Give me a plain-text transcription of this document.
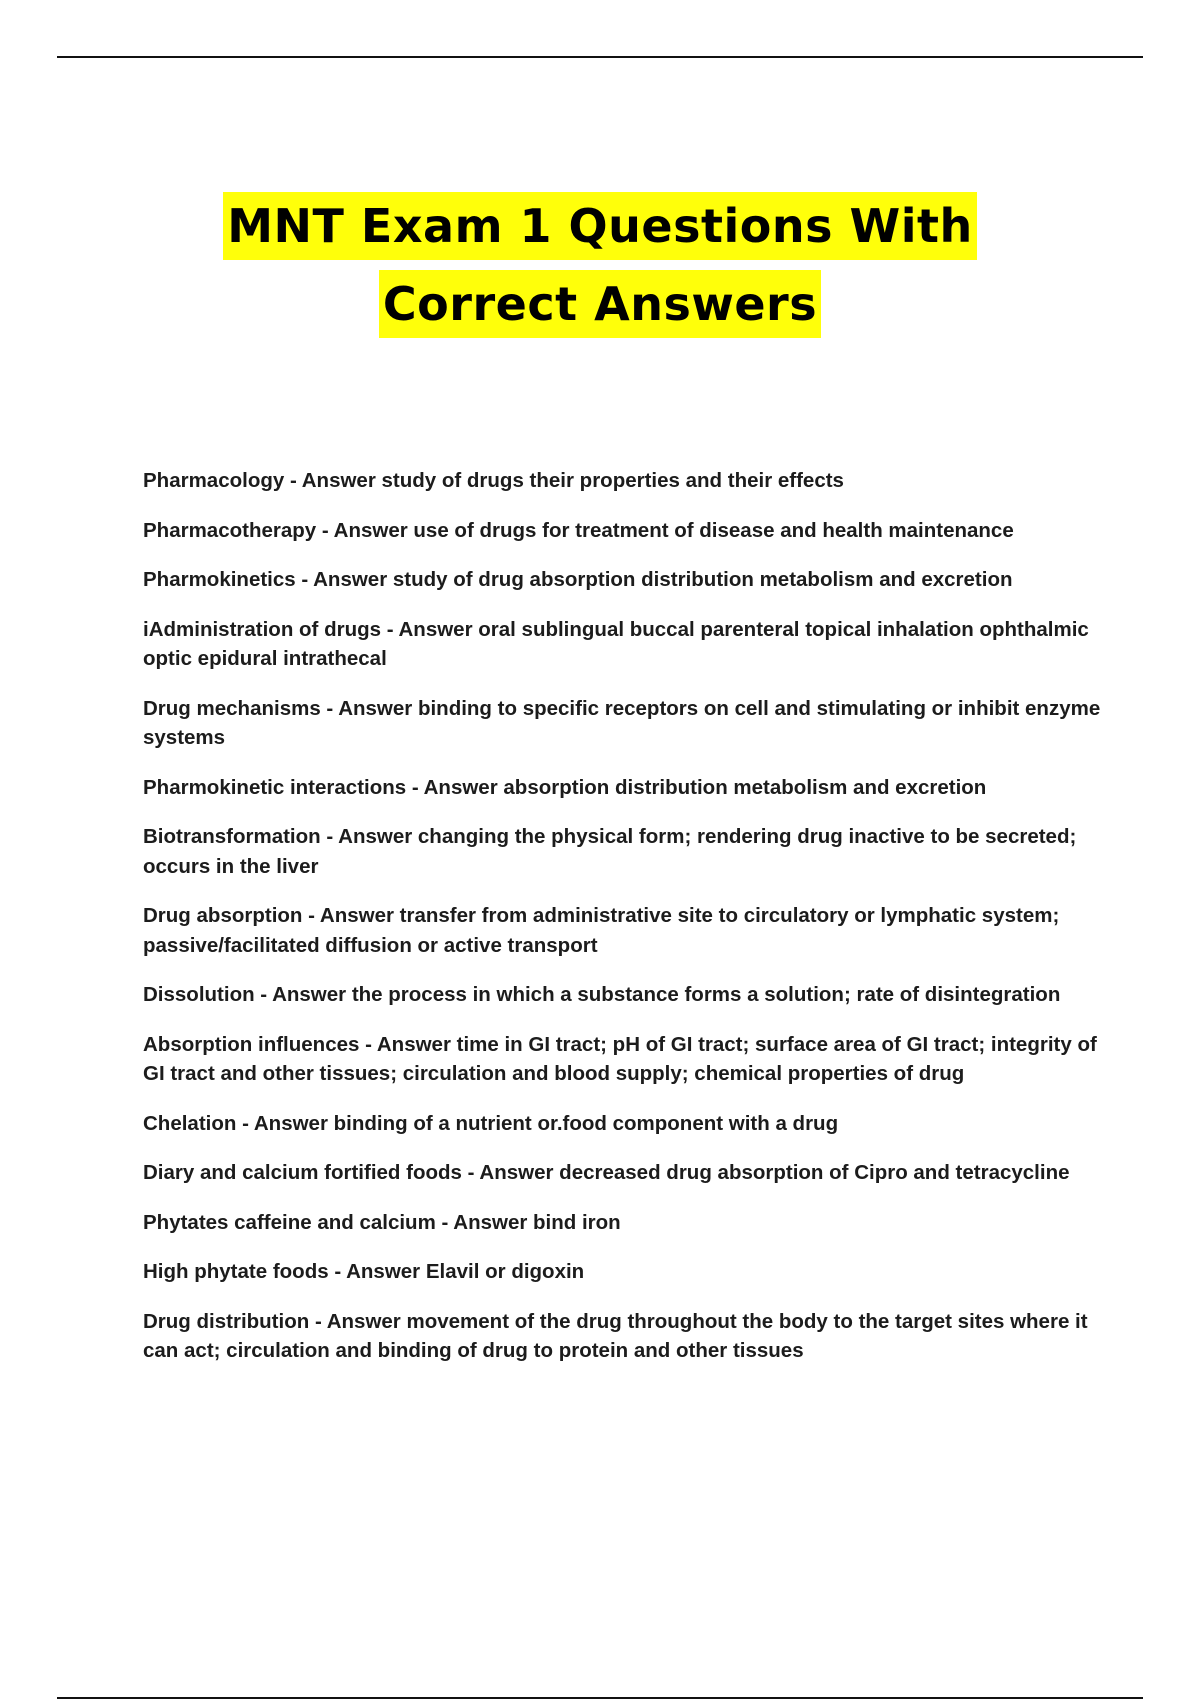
MNT Exam 1 Questions With
Correct Answers
Pharmacology - Answer study of drugs their properties and their effects
Pharmacotherapy - Answer use of drugs for treatment of disease and health maintenance
Pharmokinetics - Answer study of drug absorption distribution metabolism and excretion
iAdministration of drugs - Answer oral sublingual buccal parenteral topical inhalation ophthalmic optic epidural intrathecal
Drug mechanisms - Answer binding to specific receptors on cell and stimulating or inhibit enzyme systems
Pharmokinetic interactions - Answer absorption distribution metabolism and excretion
Biotransformation - Answer changing the physical form; rendering drug inactive to be secreted; occurs in the liver
Drug absorption - Answer transfer from administrative site to circulatory or lymphatic system; passive/facilitated diffusion or active transport
Dissolution - Answer the process in which a substance forms a solution; rate of disintegration
Absorption influences - Answer time in GI tract; pH of GI tract; surface area of GI tract; integrity of GI tract and other tissues; circulation and blood supply; chemical properties of drug
Chelation - Answer binding of a nutrient or.food component with a drug
Diary and calcium fortified foods - Answer decreased drug absorption of Cipro and tetracycline
Phytates caffeine and calcium - Answer bind iron
High phytate foods - Answer Elavil or digoxin
Drug distribution - Answer movement of the drug throughout the body to the target sites where it can act; circulation and binding of drug to protein and other tissues
